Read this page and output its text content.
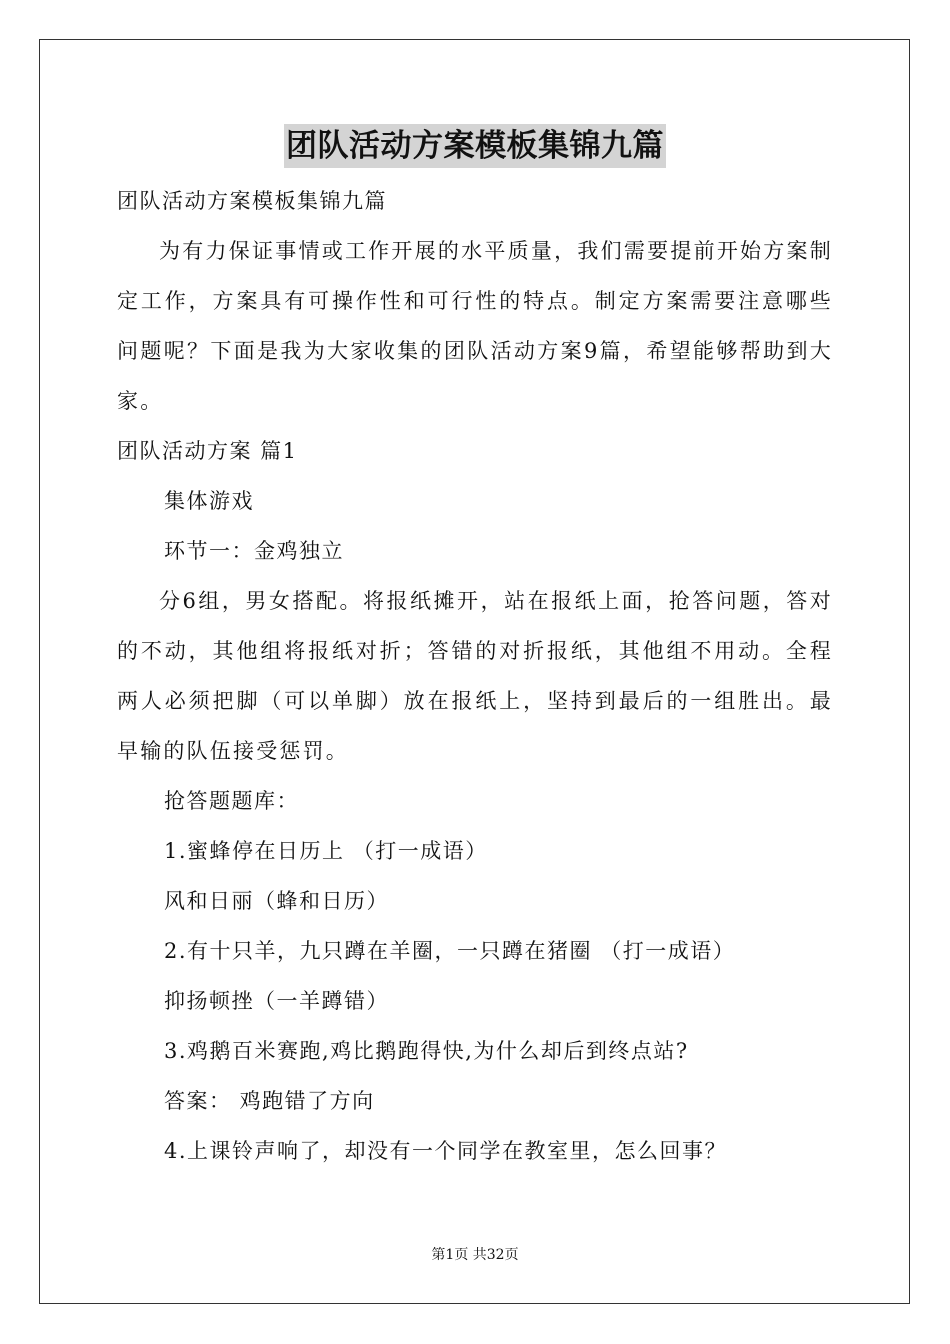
团队活动方案模板集锦九篇
团队活动方案模板集锦九篇

为有力保证事情或工作开展的水平质量，我们需要提前开始方案制定工作，方案具有可操作性和可行性的特点。制定方案需要注意哪些问题呢？下面是我为大家收集的团队活动方案9篇，希望能够帮助到大家。

团队活动方案 篇1
集体游戏
环节一：金鸡独立

分6组，男女搭配。将报纸摊开，站在报纸上面，抢答问题，答对的不动，其他组将报纸对折；答错的对折报纸，其他组不用动。全程两人必须把脚（可以单脚）放在报纸上，坚持到最后的一组胜出。最早输的队伍接受惩罚。

抢答题题库：
1.蜜蜂停在日历上 （打一成语）
风和日丽（蜂和日历）
2.有十只羊，九只蹲在羊圈，一只蹲在猪圈 （打一成语）
抑扬顿挫（一羊蹲错）
3.鸡鹅百米赛跑,鸡比鹅跑得快,为什么却后到终点站?
答案： 鸡跑错了方向
4.上课铃声响了，却没有一个同学在教室里，怎么回事？
第1页 共32页
